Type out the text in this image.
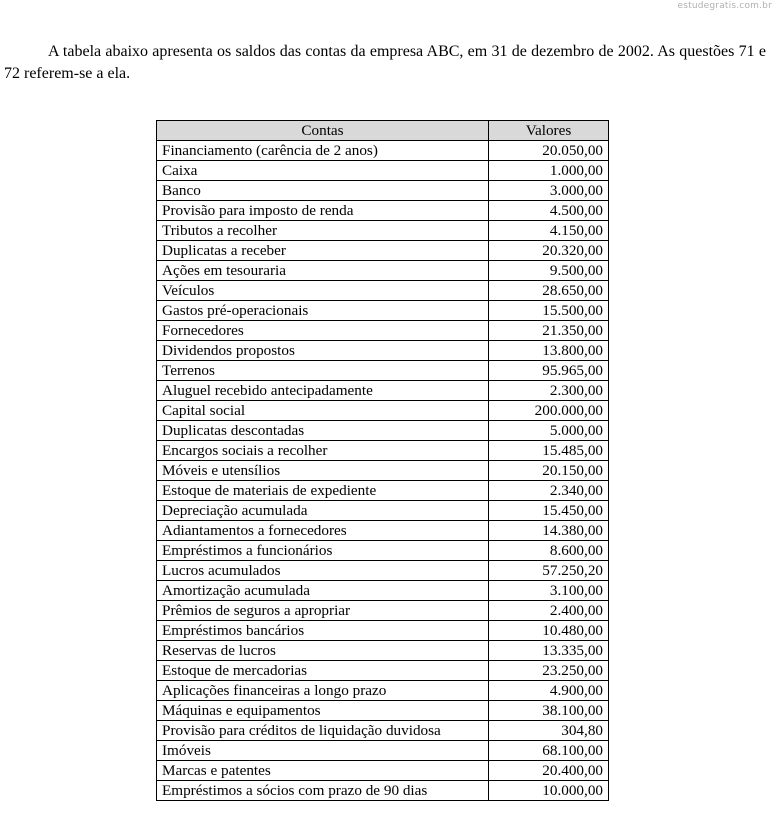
estudegratis.com.br

A tabela abaixo apresenta os saldos das contas da empresa ABC, em 31 de dezembro de 2002. As questões 71 e 72 referem-se a ela.

Contas	Valores
Financiamento (carência de 2 anos)	20.050,00
Caixa	1.000,00
Banco	3.000,00
Provisão para imposto de renda	4.500,00
Tributos a recolher	4.150,00
Duplicatas a receber	20.320,00
Ações em tesouraria	9.500,00
Veículos	28.650,00
Gastos pré-operacionais	15.500,00
Fornecedores	21.350,00
Dividendos propostos	13.800,00
Terrenos	95.965,00
Aluguel recebido antecipadamente	2.300,00
Capital social	200.000,00
Duplicatas descontadas	5.000,00
Encargos sociais a recolher	15.485,00
Móveis e utensílios	20.150,00
Estoque de materiais de expediente	2.340,00
Depreciação acumulada	15.450,00
Adiantamentos a fornecedores	14.380,00
Empréstimos a funcionários	8.600,00
Lucros acumulados	57.250,20
Amortização acumulada	3.100,00
Prêmios de seguros a apropriar	2.400,00
Empréstimos bancários	10.480,00
Reservas de lucros	13.335,00
Estoque de mercadorias	23.250,00
Aplicações financeiras a longo prazo	4.900,00
Máquinas e equipamentos	38.100,00
Provisão para créditos de liquidação duvidosa	304,80
Imóveis	68.100,00
Marcas e patentes	20.400,00
Empréstimos a sócios com prazo de 90 dias	10.000,00
